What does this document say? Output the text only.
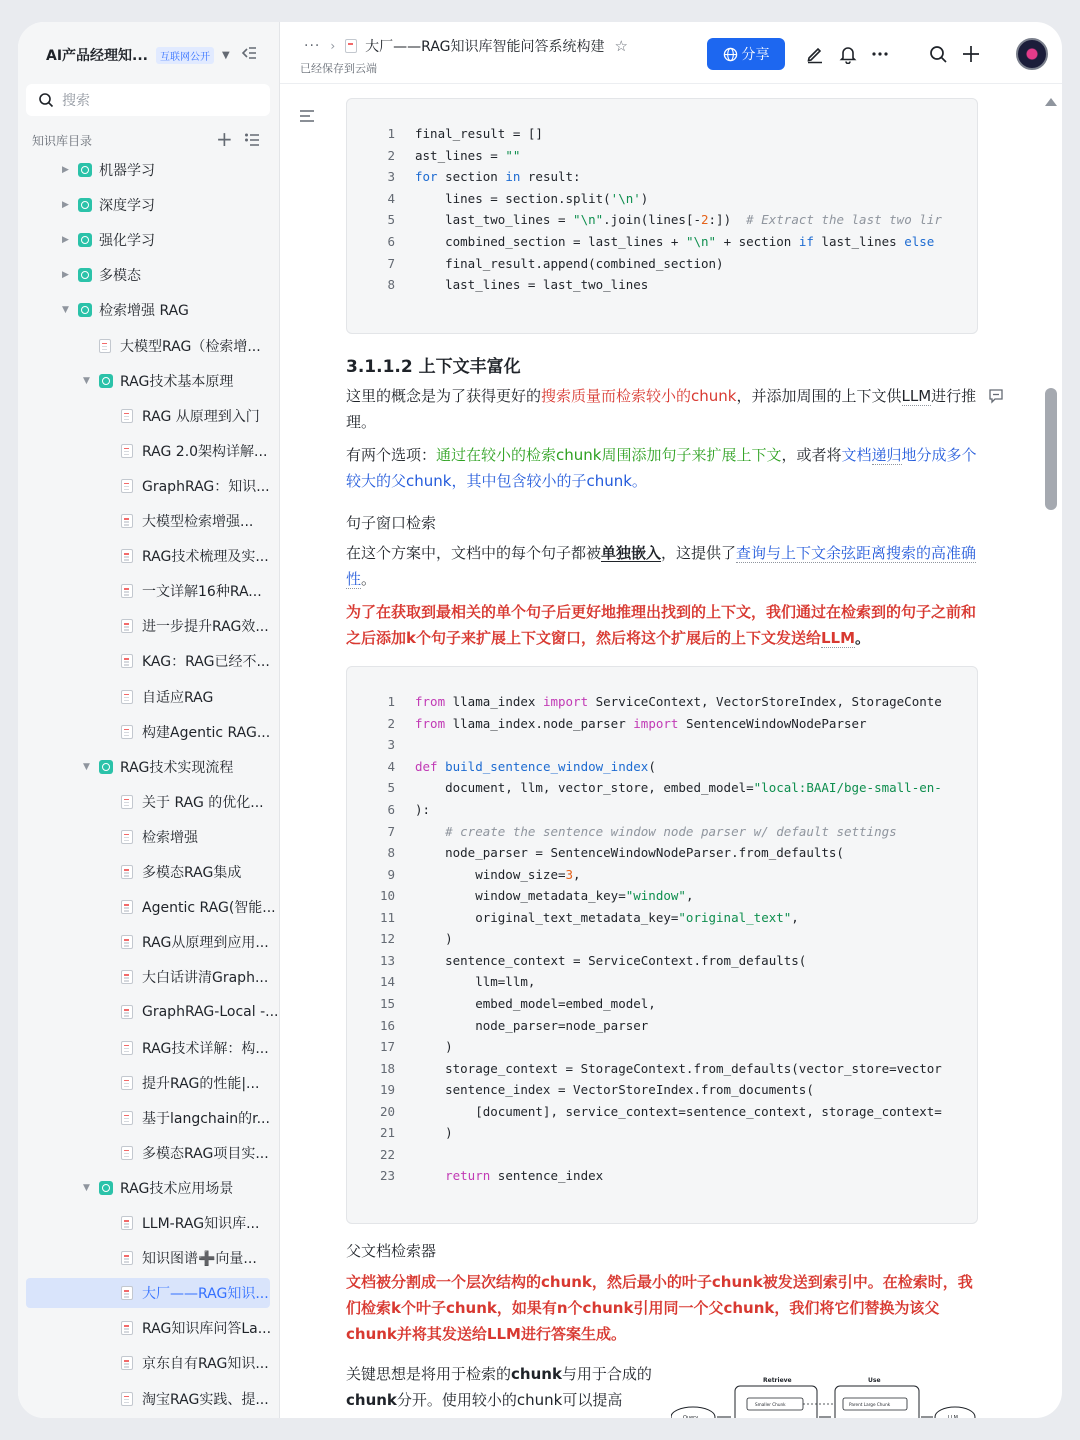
AI产品经理知...	互联网公开	▼
搜索
知识库目录	+
▶ 机器学习
▶ 深度学习
▶ 强化学习
▶ 多模态
▼ 检索增强 RAG
大模型RAG（检索增...
▼ RAG技术基本原理
RAG 从原理到入门
RAG 2.0架构详解...
GraphRAG：知识...
大模型检索增强...
RAG技术梳理及实...
一文详解16种RA...
进一步提升RAG效...
KAG：RAG已经不...
自适应RAG
构建Agentic RAG...
▼ RAG技术实现流程
关于 RAG 的优化...
检索增强
多模态RAG集成
Agentic RAG(智能...
RAG从原理到应用...
大白话讲清Graph...
GraphRAG-Local -...
RAG技术详解：构...
提升RAG的性能|...
基于langchain的r...
多模态RAG项目实...
▼ RAG技术应用场景
LLM-RAG知识库...
知识图谱➕向量...
大厂——RAG知识...
RAG知识库问答La...
京东自有RAG知识...
淘宝RAG实践、提...
··· › 大厂——RAG知识库智能问答系统构建 ☆
已经保存到云端
分享
1 final_result = []
2 ast_lines = ""
3 for section in result:
4 lines = section.split('\n')
5 last_two_lines = "\n".join(lines[-2:])  # Extract the last two lir
6 combined_section = last_lines + "\n" + section if last_lines else
7 final_result.append(combined_section)
8 last_lines = last_two_lines
3.1.1.2 上下文丰富化
这里的概念是为了获得更好的搜索质量而检索较小的chunk，并添加周围的上下文供LLM进行推理。
有两个选项：通过在较小的检索chunk周围添加句子来扩展上下文，或者将文档递归地分成多个较大的父chunk，其中包含较小的子chunk。
句子窗口检索
在这个方案中，文档中的每个句子都被单独嵌入，这提供了查询与上下文余弦距离搜索的高准确性。
为了在获取到最相关的单个句子后更好地推理出找到的上下文，我们通过在检索到的句子之前和之后添加k个句子来扩展上下文窗口，然后将这个扩展后的上下文发送给LLM。
1 from llama_index import ServiceContext, VectorStoreIndex, StorageConte
2 from llama_index.node_parser import SentenceWindowNodeParser
3
4 def build_sentence_window_index(
5 document, llm, vector_store, embed_model="local:BAAI/bge-small-en-
6 ):
7	# create the sentence window node parser w/ default settings
8 node_parser = SentenceWindowNodeParser.from_defaults(
9 window_size=3,
10 window_metadata_key="window",
11 original_text_metadata_key="original_text",
12 )
13 sentence_context = ServiceContext.from_defaults(
14 llm=llm,
15 embed_model=embed_model,
16 node_parser=node_parser
17 )
18 storage_context = StorageContext.from_defaults(vector_store=vector
19 sentence_index = VectorStoreIndex.from_documents(
20 [document], service_context=sentence_context, storage_context=
21 )
22
23	return sentence_index
父文档检索器
文档被分割成一个层次结构的chunk，然后最小的叶子chunk被发送到索引中。在检索时，我们检索k个叶子chunk，如果有n个chunk引用同一个父chunk，我们将它们替换为该父chunk并将其发送给LLM进行答案生成。
关键思想是将用于检索的chunk与用于合成的chunk分开。使用较小的chunk可以提高
Retrieve	Use
Query
Smaller Chunk	Parent Large Chunk
LLM
